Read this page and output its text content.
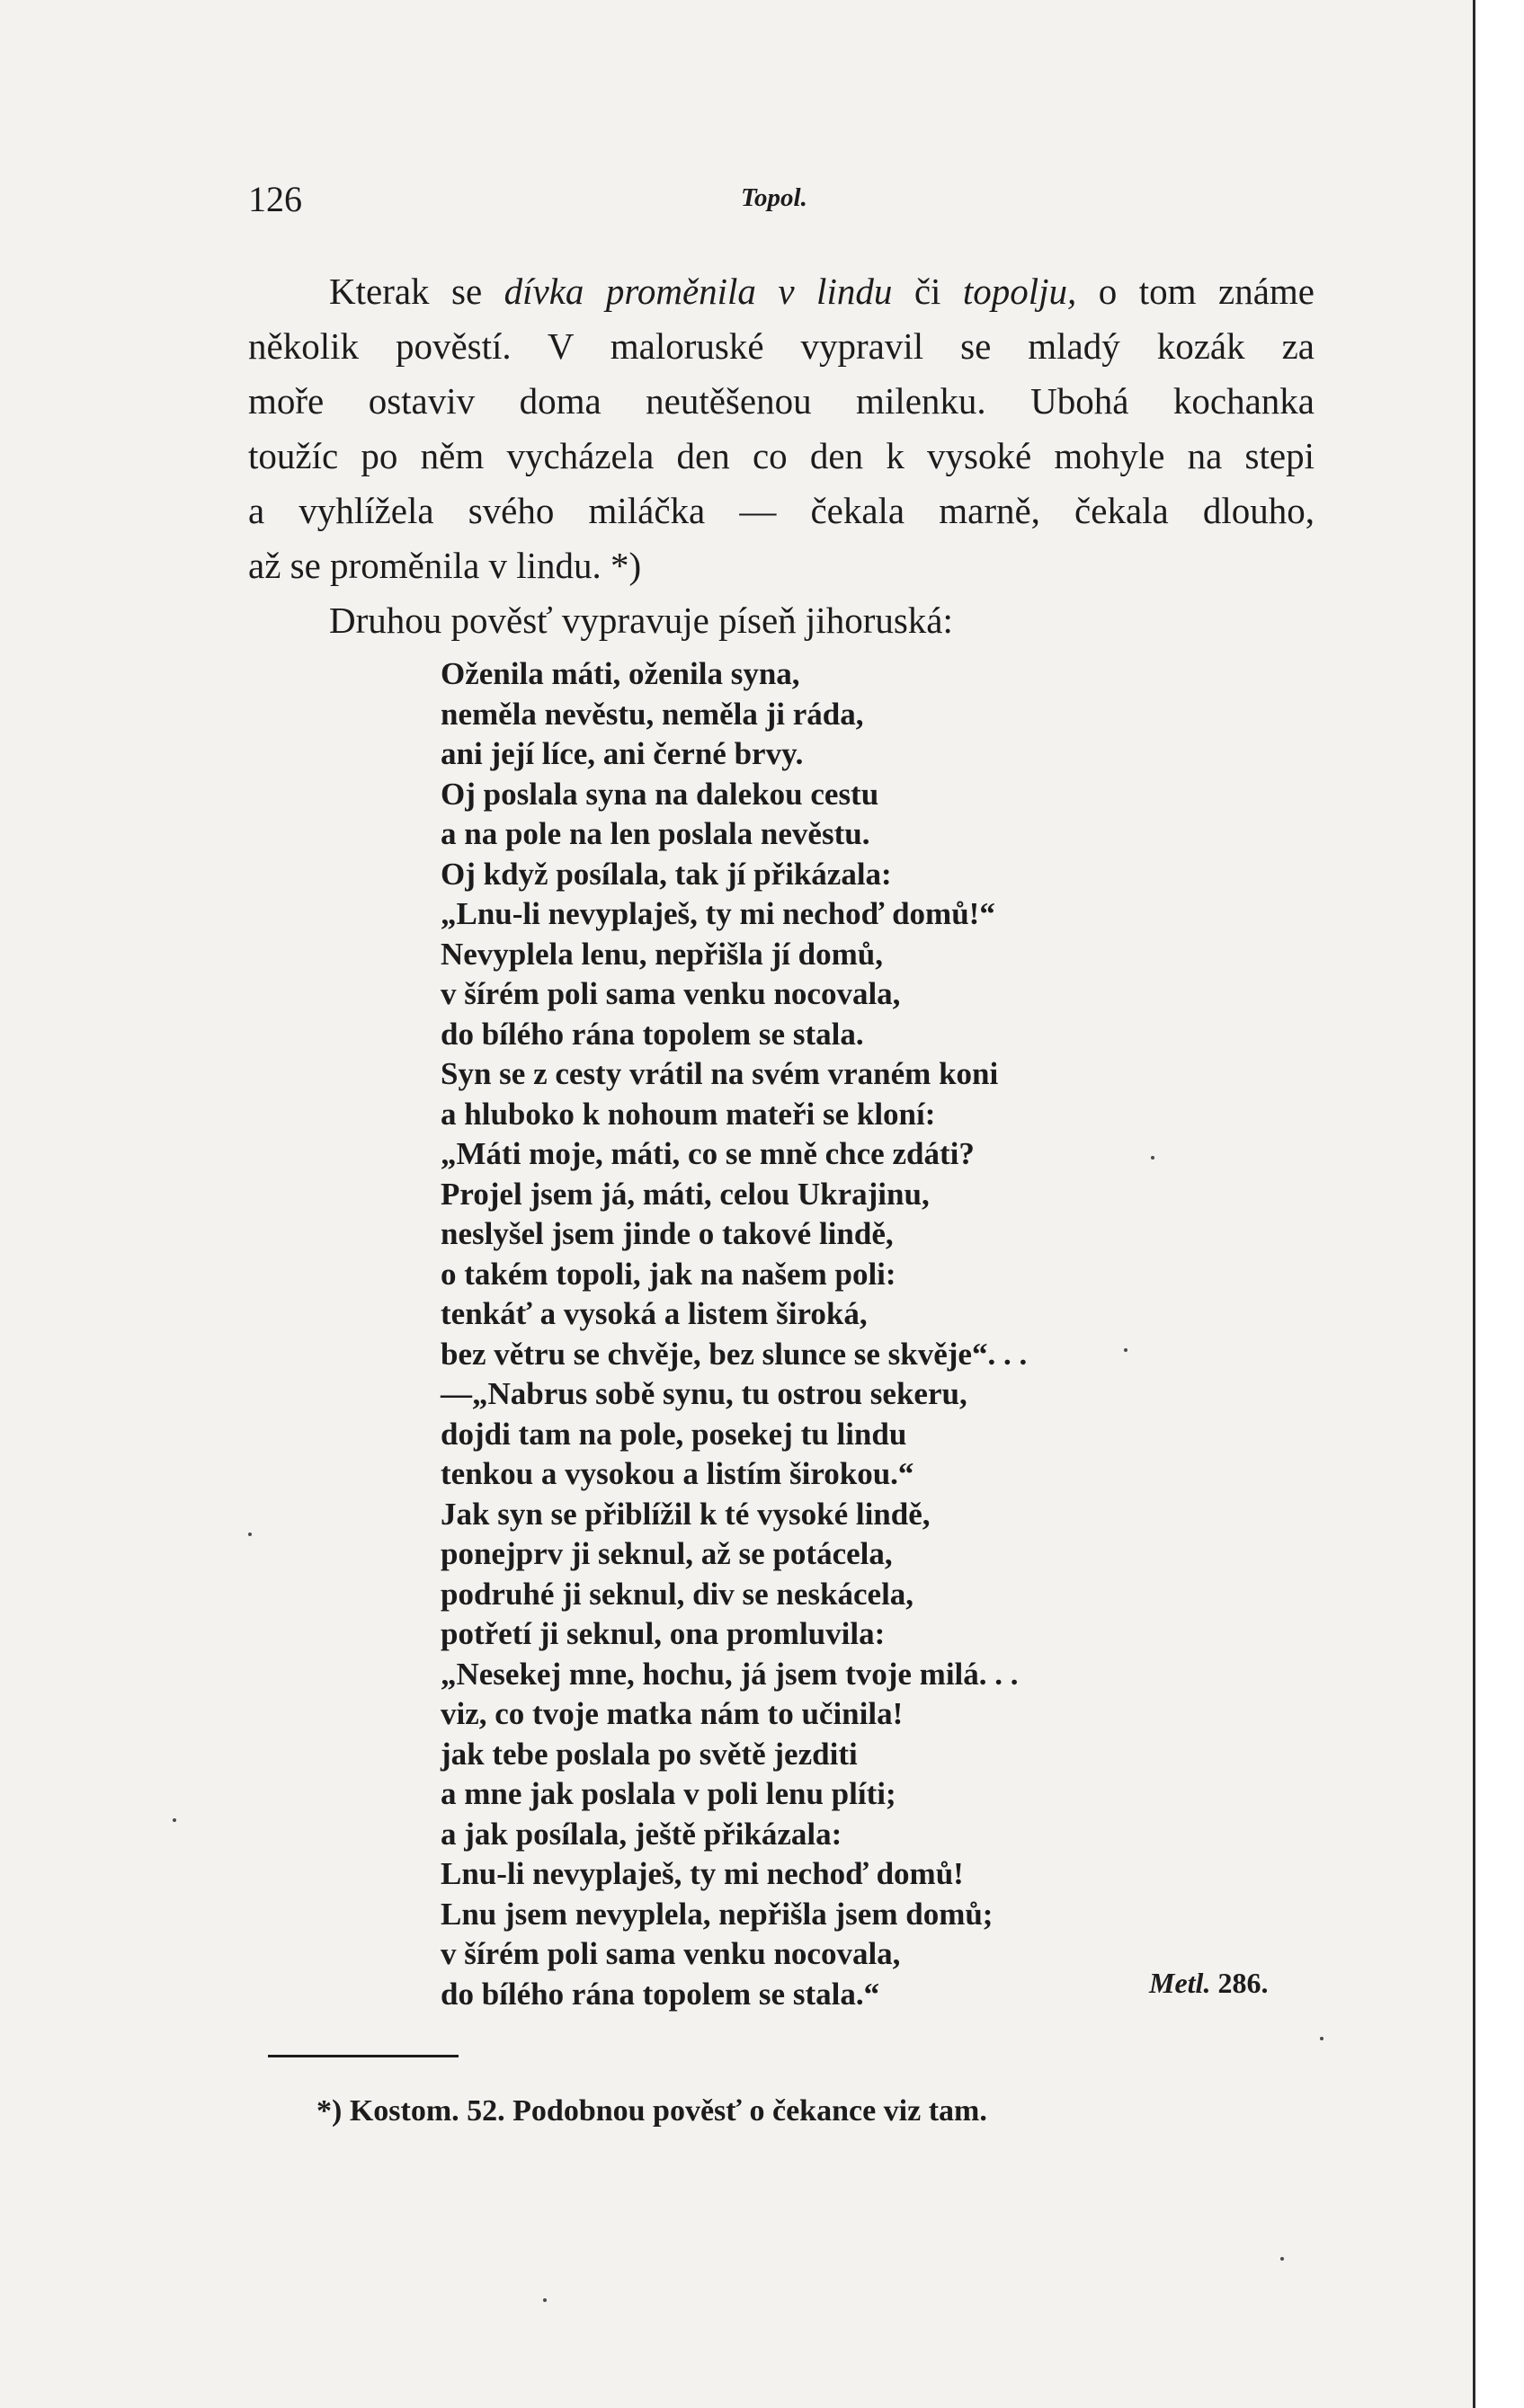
126	Topol.
Kterak se dívka proměnila v lindu či topolju, o tom známe
několik pověstí. V maloruské vypravil se mladý kozák za
moře ostaviv doma neutěšenou milenku. Ubohá kochanka
toužíc po něm vycházela den co den k vysoké mohyle na stepi
a vyhlížela svého miláčka — čekala marně, čekala dlouho,
až se proměnila v lindu. *)
Druhou pověsť vypravuje píseň jihoruská:
Oženila máti, oženila syna,
neměla nevěstu, neměla ji ráda,
ani její líce, ani černé brvy.
Oj poslala syna na dalekou cestu
a na pole na len poslala nevěstu.
Oj když posílala, tak jí přikázala:
„Lnu-li nevyplaješ, ty mi nechoď domů!“
Nevyplela lenu, nepřišla jí domů,
v šírém poli sama venku nocovala,
do bílého rána topolem se stala.
Syn se z cesty vrátil na svém vraném koni
a hluboko k nohoum mateři se kloní:
„Máti moje, máti, co se mně chce zdáti?
Projel jsem já, máti, celou Ukrajinu,
neslyšel jsem jinde o takové lindě,
o takém topoli, jak na našem poli:
tenkáť a vysoká a listem široká,
bez větru se chvěje, bez slunce se skvěje“. . .
—„Nabrus sobě synu, tu ostrou sekeru,
dojdi tam na pole, posekej tu lindu
tenkou a vysokou a listím širokou.“
Jak syn se přiblížil k té vysoké lindě,
ponejprv ji seknul, až se potácela,
podruhé ji seknul, div se neskácela,
potřetí ji seknul, ona promluvila:
„Nesekej mne, hochu, já jsem tvoje milá. . .
viz, co tvoje matka nám to učinila!
jak tebe poslala po světě jezditi
a mne jak poslala v poli lenu plíti;
a jak posílala, ještě přikázala:
Lnu-li nevyplaješ, ty mi nechoď domů!
Lnu jsem nevyplela, nepřišla jsem domů;
v šírém poli sama venku nocovala,
do bílého rána topolem se stala.“	Metl. 286.
*) Kostom. 52. Podobnou pověsť o čekance viz tam.
